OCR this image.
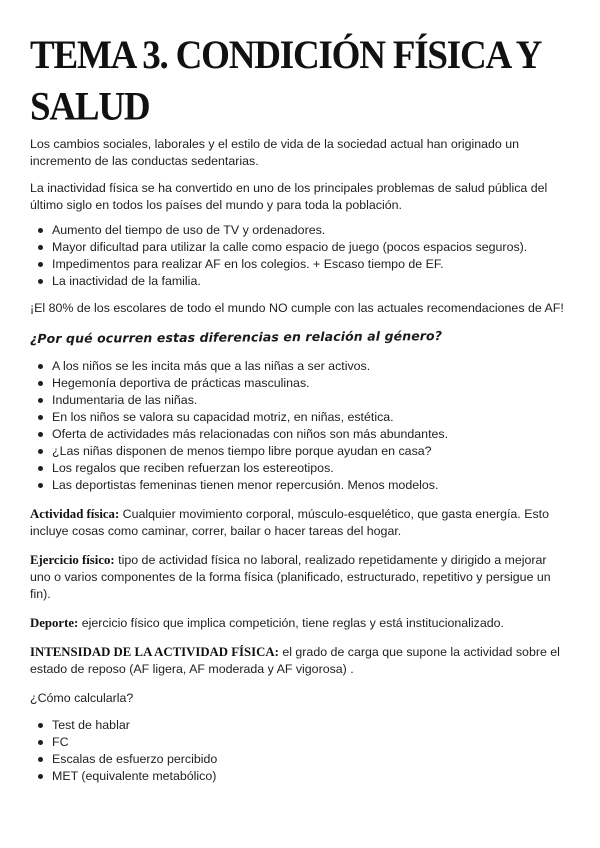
TEMA 3. CONDICIÓN FÍSICA Y SALUD

Los cambios sociales, laborales y el estilo de vida de la sociedad actual han originado un incremento de las conductas sedentarias.

La inactividad física se ha convertido en uno de los principales problemas de salud pública del último siglo en todos los países del mundo y para toda la población.

Aumento del tiempo de uso de TV y ordenadores.
Mayor dificultad para utilizar la calle como espacio de juego (pocos espacios seguros).
Impedimentos para realizar AF en los colegios. + Escaso tiempo de EF.
La inactividad de la familia.

¡El 80% de los escolares de todo el mundo NO cumple con las actuales recomendaciones de AF!

¿Por qué ocurren estas diferencias en relación al género?
A los niños se les incita más que a las niñas a ser activos.
Hegemonía deportiva de prácticas masculinas.
Indumentaria de las niñas.
En los niños se valora su capacidad motriz, en niñas, estética.
Oferta de actividades más relacionadas con niños son más abundantes.
¿Las niñas disponen de menos tiempo libre porque ayudan en casa?
Los regalos que reciben refuerzan los estereotipos.
Las deportistas femeninas tienen menor repercusión. Menos modelos.

Actividad física: Cualquier movimiento corporal, músculo-esquelético, que gasta energía. Esto incluye cosas como caminar, correr, bailar o hacer tareas del hogar.

Ejercicio físico: tipo de actividad física no laboral, realizado repetidamente y dirigido a mejorar uno o varios componentes de la forma física (planificado, estructurado, repetitivo y persigue un fin).

Deporte: ejercicio físico que implica competición, tiene reglas y está institucionalizado.

INTENSIDAD DE LA ACTIVIDAD FÍSICA: el grado de carga que supone la actividad sobre el estado de reposo (AF ligera, AF moderada y AF vigorosa) .

¿Cómo calcularla?

Test de hablar
FC
Escalas de esfuerzo percibido
MET (equivalente metabólico)
